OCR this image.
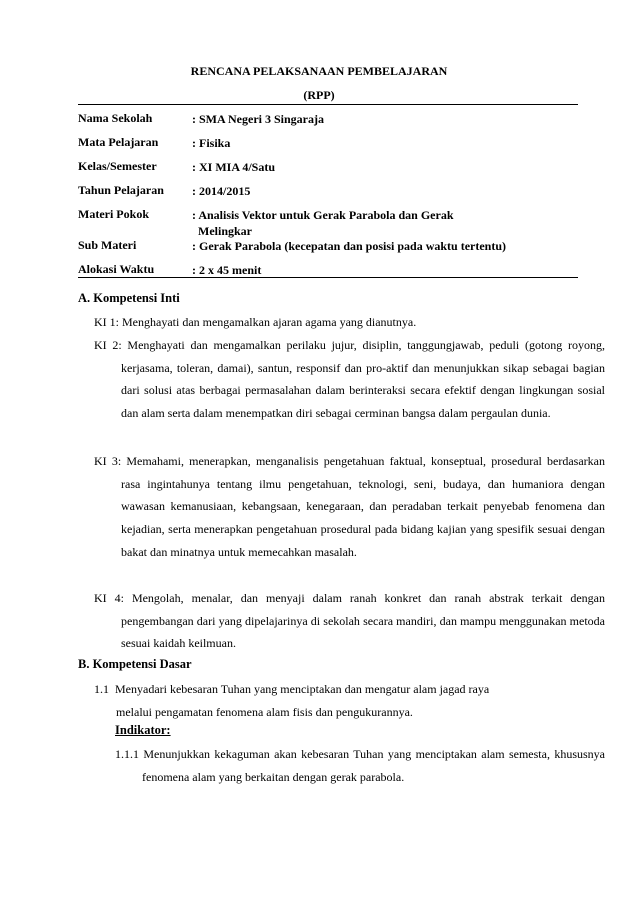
RENCANA PELAKSANAAN PEMBELAJARAN
(RPP)
Nama Sekolah	: SMA Negeri 3 Singaraja
Mata Pelajaran	: Fisika
Kelas/Semester	: XI MIA 4/Satu
Tahun Pelajaran : 2014/2015
Materi Pokok	: Analisis Vektor untuk Gerak Parabola dan Gerak
Melingkar
Sub Materi	: Gerak Parabola (kecepatan dan posisi pada waktu tertentu)
Alokasi Waktu	: 2 x 45 menit
A. Kompetensi Inti
KI 1: Menghayati dan mengamalkan ajaran agama yang dianutnya.
KI 2: Menghayati dan mengamalkan perilaku jujur, disiplin, tanggungjawab, peduli (gotong royong, kerjasama, toleran, damai), santun, responsif dan pro-aktif dan menunjukkan sikap sebagai bagian dari solusi atas berbagai permasalahan dalam berinteraksi secara efektif dengan lingkungan sosial dan alam serta dalam menempatkan diri sebagai cerminan bangsa dalam pergaulan dunia.
KI 3: Memahami, menerapkan, menganalisis pengetahuan faktual, konseptual, prosedural berdasarkan rasa ingintahunya tentang ilmu pengetahuan, teknologi, seni, budaya, dan humaniora dengan wawasan kemanusiaan, kebangsaan, kenegaraan, dan peradaban terkait penyebab fenomena dan kejadian, serta menerapkan pengetahuan prosedural pada bidang kajian yang spesifik sesuai dengan bakat dan minatnya untuk memecahkan masalah.
KI 4: Mengolah, menalar, dan menyaji dalam ranah konkret dan ranah abstrak terkait dengan pengembangan dari yang dipelajarinya di sekolah secara mandiri, dan mampu menggunakan metoda sesuai kaidah keilmuan.
B. Kompetensi Dasar
1.1 Menyadari kebesaran Tuhan yang menciptakan dan mengatur alam jagad raya
melalui pengamatan fenomena alam fisis dan pengukurannya.
Indikator:
1.1.1 Menunjukkan kekaguman akan kebesaran Tuhan yang menciptakan alam semesta, khususnya fenomena alam yang berkaitan dengan gerak parabola.
